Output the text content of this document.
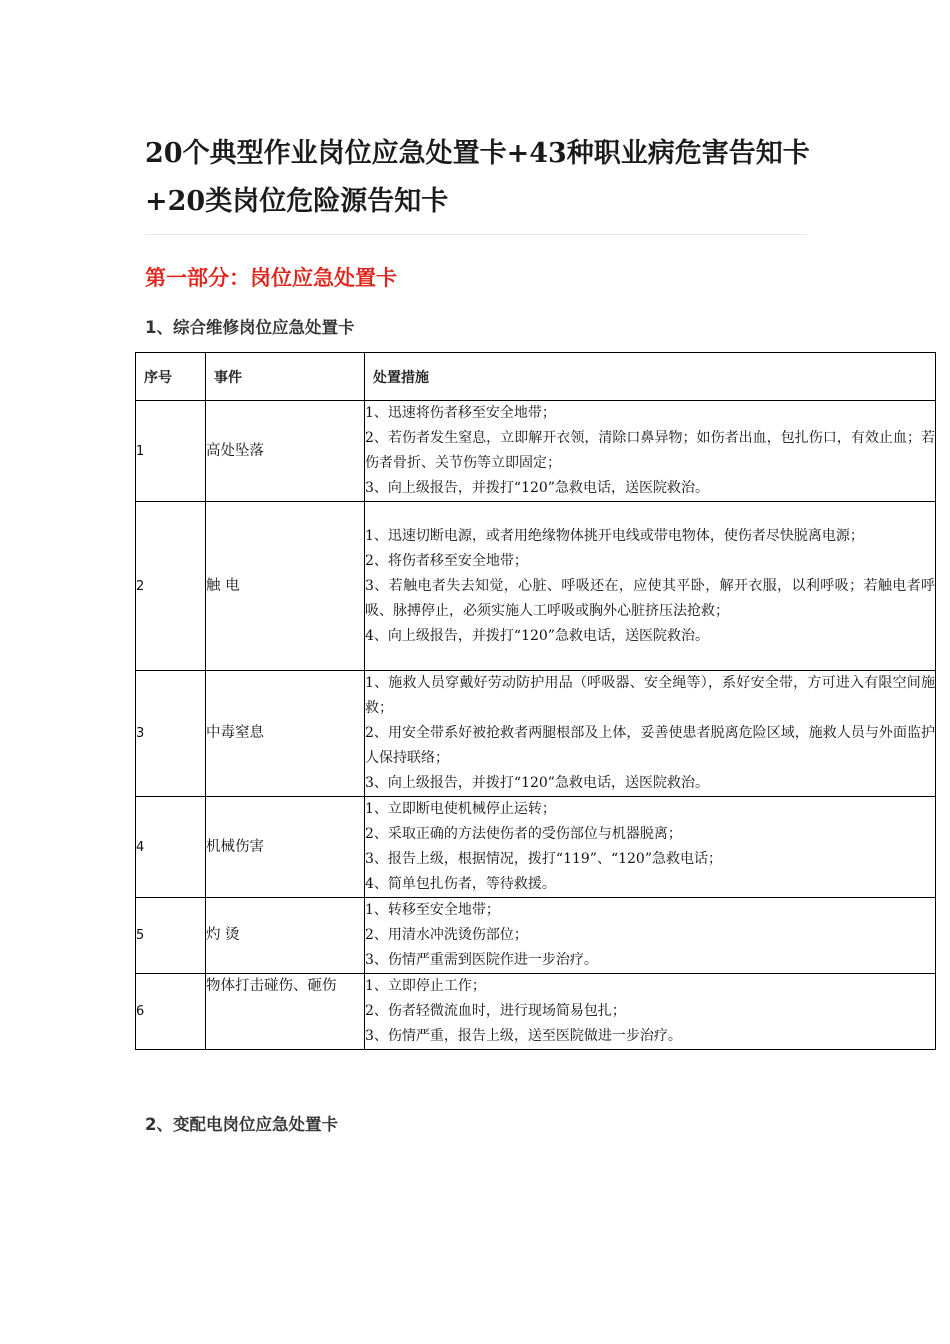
20个典型作业岗位应急处置卡+43种职业病危害告知卡+20类岗位危险源告知卡
第一部分：岗位应急处置卡
1、综合维修岗位应急处置卡
序号	事件	处置措施
1	高处坠落	1、迅速将伤者移至安全地带；
2、若伤者发生窒息，立即解开衣领，清除口鼻异物；如伤者出血，包扎伤口，有效止血；若伤者骨折、关节伤等立即固定；
3、向上级报告，并拨打“120”急救电话，送医院救治。

2	触 电	1、迅速切断电源，或者用绝缘物体挑开电线或带电物体，使伤者尽快脱离电源；
2、将伤者移至安全地带；
3、若触电者失去知觉，心脏、呼吸还在，应使其平卧，解开衣服，以利呼吸；若触电者呼吸、脉搏停止，必须实施人工呼吸或胸外心脏挤压法抢救；
4、向上级报告，并拨打“120”急救电话，送医院救治。

3	中毒窒息	1、施救人员穿戴好劳动防护用品（呼吸器、安全绳等），系好安全带，方可进入有限空间施救；
2、用安全带系好被抢救者两腿根部及上体，妥善使患者脱离危险区域，施救人员与外面监护人保持联络；
3、向上级报告，并拨打“120”急救电话，送医院救治。

4	机械伤害	1、立即断电使机械停止运转；
2、采取正确的方法使伤者的受伤部位与机器脱离；
3、报告上级，根据情况，拨打“119”、“120”急救电话；
4、简单包扎伤者，等待救援。

5	灼 烫	1、转移至安全地带；
2、用清水冲洗烫伤部位；
3、伤情严重需到医院作进一步治疗。

6	物体打击碰伤、砸伤	1、立即停止工作；
2、伤者轻微流血时，进行现场简易包扎；
3、伤情严重，报告上级，送至医院做进一步治疗。
2、变配电岗位应急处置卡
